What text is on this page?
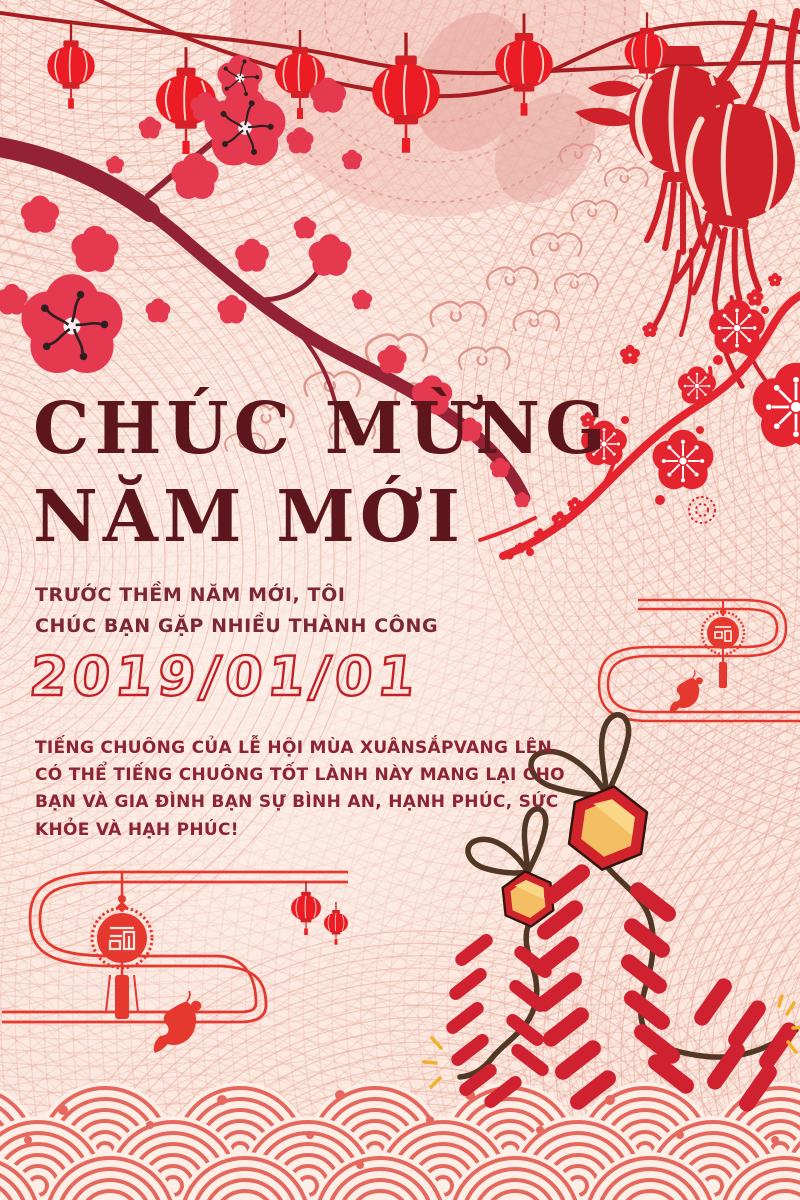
CHÚC MỪNG
NĂM MỚI
TRƯỚC THỀM NĂM MỚI, TÔI
CHÚC BẠN GẶP NHIỀU THÀNH CÔNG
2019/01/01
TIẾNG CHUÔNG CỦA LỄ HỘI MÙA XUÂNSẮPVANG LÊN.
CÓ THỂ TIẾNG CHUÔNG TỐT LÀNH NÀY MANG LẠI CHO
BẠN VÀ GIA ĐÌNH BẠN SỰ BÌNH AN, HẠNH PHÚC, SỨC
KHỎE VÀ HẠH PHÚC!
